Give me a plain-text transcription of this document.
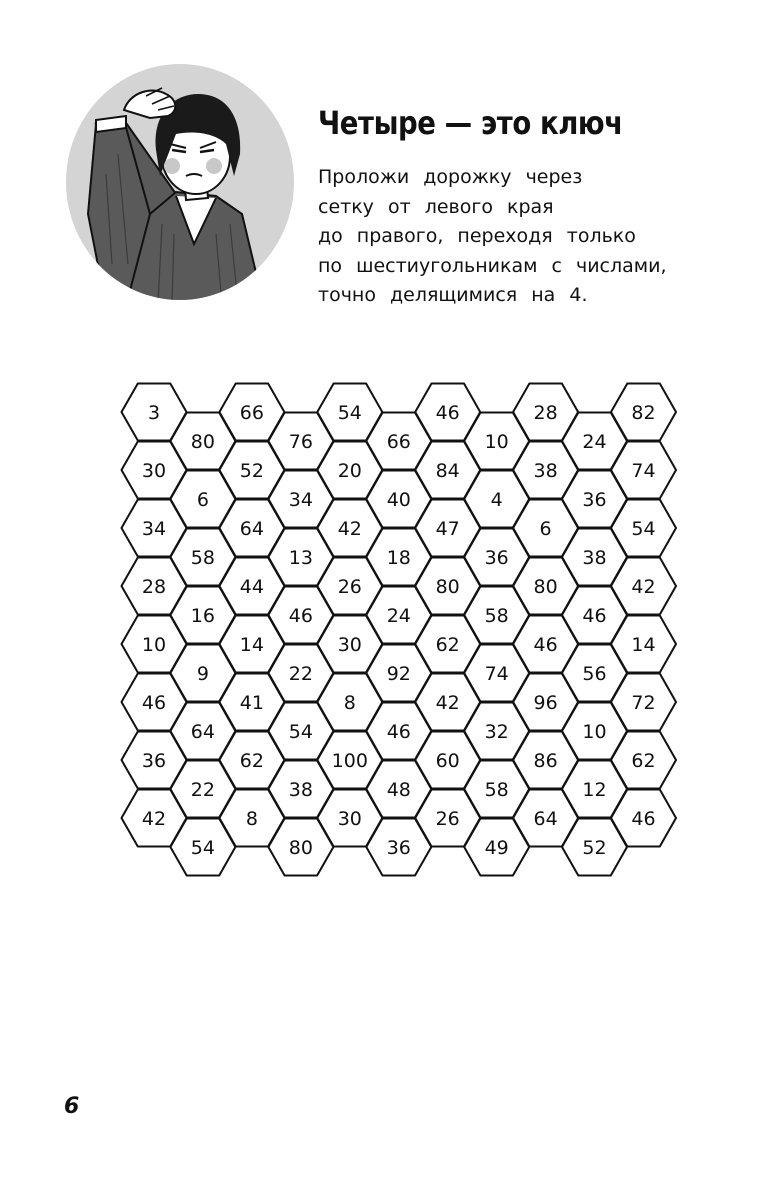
Четыре — это ключ
Проложи дорожку через
сетку от левого края
до правого, переходя только
по шестиугольникам с числами,
точно делящимися на 4.
3
30
34
28
10
46
36
42
80
6
58
16
9
64
22
54
66
52
64
44
14
41
62
8
76
34
13
46
22
54
38
80
54
20
42
26
30
8
100
30
66
40
18
24
92
46
48
36
46
84
47
80
62
42
60
26
10
4
36
58
74
32
58
49
28
38
6
80
46
96
86
64
24
36
38
46
56
10
12
52
82
74
54
42
14
72
62
46
6
